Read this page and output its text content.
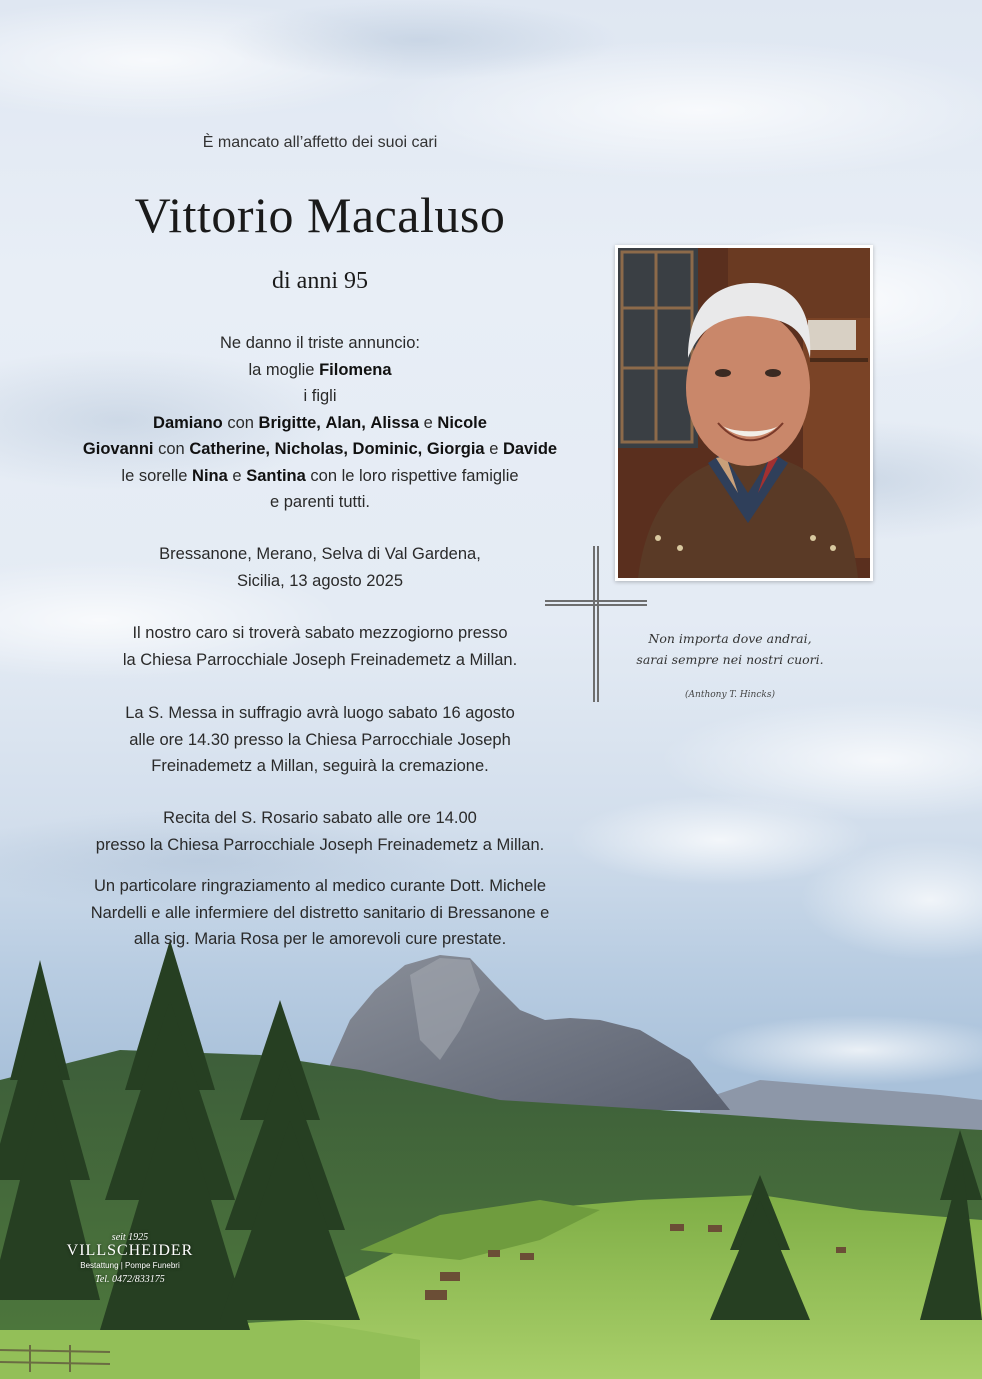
È mancato all’affetto dei suoi cari
Vittorio Macaluso
di anni 95
Ne danno il triste annuncio:
la moglie Filomena
i figli
Damiano con Brigitte, Alan, Alissa e Nicole
Giovanni con Catherine, Nicholas, Dominic, Giorgia e Davide
le sorelle Nina e Santina con le loro rispettive famiglie
e parenti tutti.
Bressanone, Merano, Selva di Val Gardena,
Sicilia, 13 agosto 2025
Il nostro caro si troverà sabato mezzogiorno presso
la Chiesa Parrocchiale Joseph Freinademetz a Millan.
La S. Messa in suffragio avrà luogo sabato 16 agosto
alle ore 14.30 presso la Chiesa Parrocchiale Joseph
Freinademetz a Millan, seguirà la cremazione.
Recita del S. Rosario sabato alle ore 14.00
presso la Chiesa Parrocchiale Joseph Freinademetz a Millan.
Un particolare ringraziamento al medico curante Dott. Michele
Nardelli e alle infermiere del distretto sanitario di Bressanone e
alla sig. Maria Rosa per le amorevoli cure prestate.
Non importa dove andrai,
sarai sempre nei nostri cuori.
(Anthony T. Hincks)
seit 1925
VILLSCHEIDER
Bestattung | Pompe Funebri
Tel. 0472/833175
